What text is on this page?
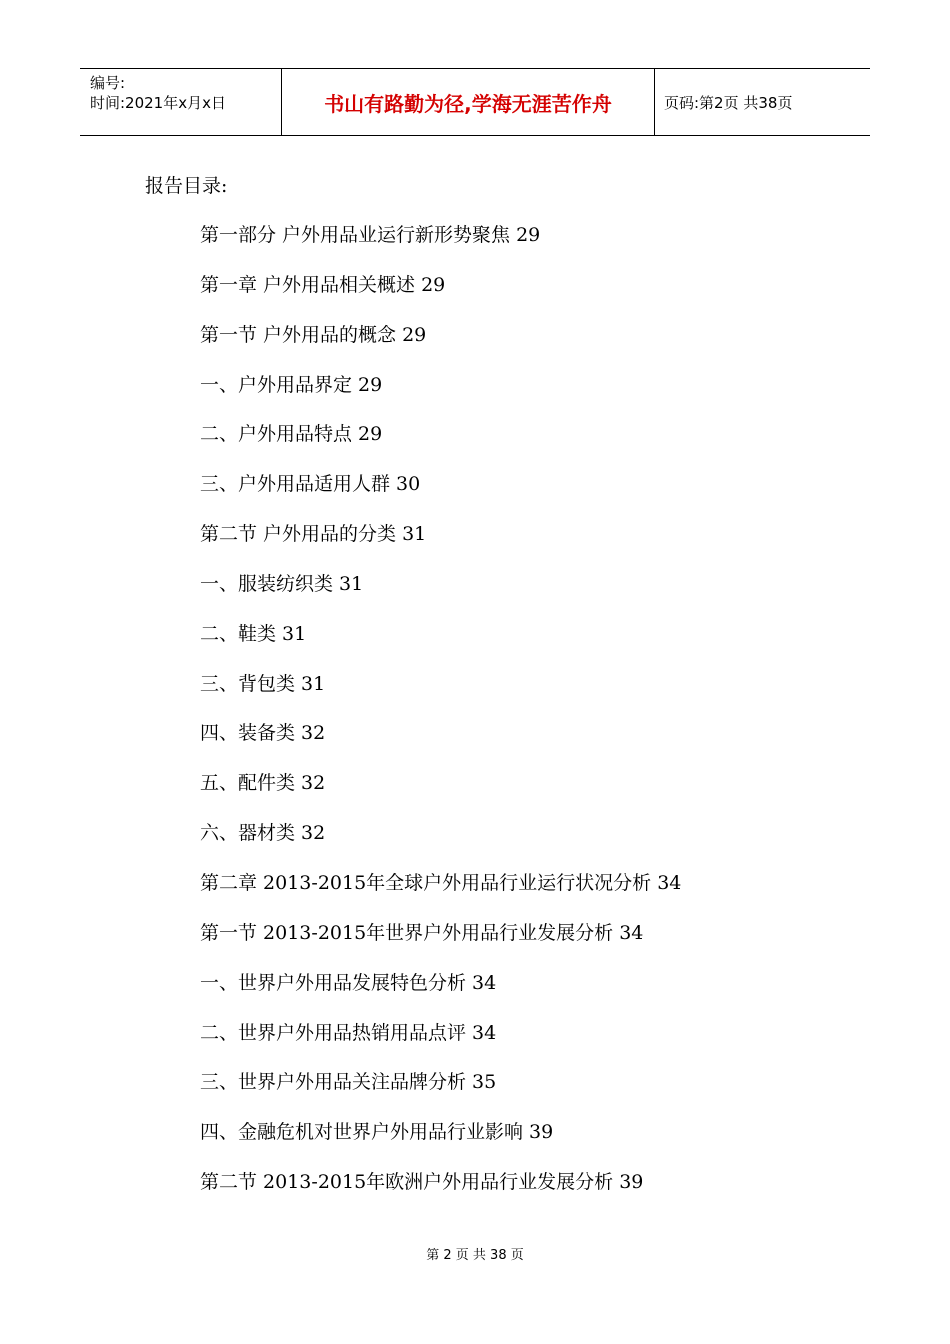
编号:
时间:2021年x月x日	书山有路勤为径,学海无涯苦作舟	页码:第2页 共38页
报告目录:
第一部分 户外用品业运行新形势聚焦 29
第一章 户外用品相关概述 29
第一节 户外用品的概念 29
一、户外用品界定 29
二、户外用品特点 29
三、户外用品适用人群 30
第二节 户外用品的分类 31
一、服装纺织类 31
二、鞋类 31
三、背包类 31
四、装备类 32
五、配件类 32
六、器材类 32
第二章 2013-2015年全球户外用品行业运行状况分析 34
第一节 2013-2015年世界户外用品行业发展分析 34
一、世界户外用品发展特色分析 34
二、世界户外用品热销用品点评 34
三、世界户外用品关注品牌分析 35
四、金融危机对世界户外用品行业影响 39
第二节 2013-2015年欧洲户外用品行业发展分析 39
第 2 页 共 38 页
